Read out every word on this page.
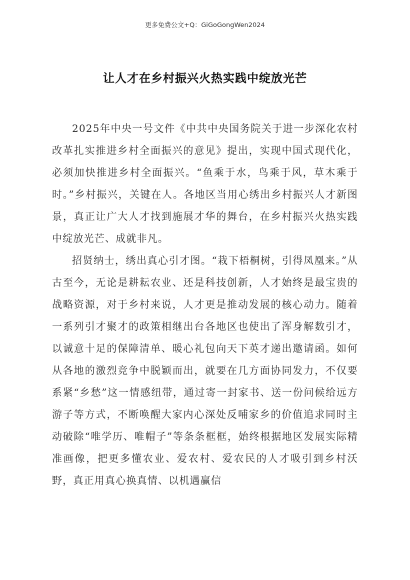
更多免费公文+Q：GiGoGongWen2024
让人才在乡村振兴火热实践中绽放光芒

2025年中央一号文件《中共中央国务院关于进一步深化农村改革扎实推进乡村全面振兴的意见》提出，实现中国式现代化，必须加快推进乡村全面振兴。“鱼乘于水，鸟乘于风，草木乘于时。”乡村振兴，关键在人。各地区当用心绣出乡村振兴人才新图景，真正让广大人才找到施展才华的舞台，在乡村振兴火热实践中绽放光芒、成就非凡。

招贤纳士，绣出真心引才图。“栽下梧桐树，引得凤凰来。”从古至今，无论是耕耘农业、还是科技创新，人才始终是最宝贵的战略资源，对于乡村来说，人才更是推动发展的核心动力。随着一系列引才聚才的政策相继出台各地区也使出了浑身解数引才，以诚意十足的保障清单、暖心礼包向天下英才递出邀请函。如何从各地的激烈竞争中脱颖而出，就要在几方面协同发力，不仅要系紧“乡愁”这一情感纽带，通过寄一封家书、送一份问候给远方游子等方式，不断唤醒大家内心深处反哺家乡的价值追求同时主动破除“唯学历、唯帽子”等条条框框，始终根据地区发展实际精准画像，把更多懂农业、爱农村、爱农民的人才吸引到乡村沃野，真正用真心换真情、以机遇赢信
